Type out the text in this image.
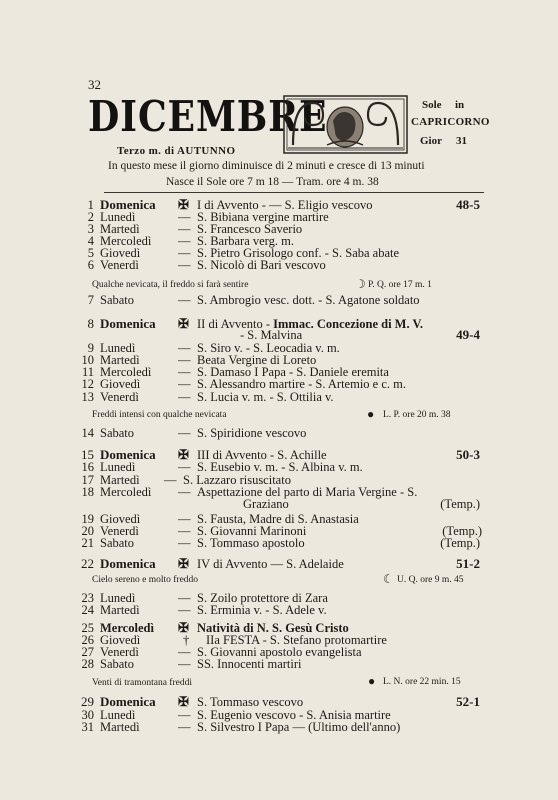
32
DICEMBRE
Terzo m. di AUTUNNO
Sole in
CAPRICORNO
Gior 31
In questo mese il giorno diminuisce di 2 minuti e cresce di 13 minuti
Nasce il Sole ore 7 m 18 — Tram. ore 4 m. 38
1 Domenica ✠ I di Avvento - — S. Eligio vescovo	48-5
2 Lunedì	— S. Bibiana vergine martire
3 Martedì	— S. Francesco Saverio
4 Mercoledì — S. Barbara verg. m.
5 Giovedì	— S. Pietro Grisologo conf. - S. Saba abate
6 Venerdì	— S. Nicolò di Bari vescovo
Qualche nevicata, il freddo si farà sentire	☽ P. Q. ore 17 m. 1
7 Sabato	— S. Ambrogio vesc. dott. - S. Agatone soldato
8 Domenica ✠ II di Avvento - Immac. Concezione di M. V.
- S. Malvina	49-4
9 Lunedì	— S. Siro v. - S. Leocadia v. m.
10 Martedì	— Beata Vergine di Loreto
11 Mercoledì — S. Damaso I Papa - S. Daniele eremita
12 Giovedì	— S. Alessandro martire - S. Artemio e c. m.
13 Venerdì	— S. Lucia v. m. - S. Ottilia v.
Freddi intensi con qualche nevicata	● L. P. ore 20 m. 38
14 Sabato	— S. Spiridione vescovo
15 Domenica ✠ III di Avvento - S. Achille	50-3
16 Lunedì	— S. Eusebio v. m. - S. Albina v. m.
17 Martedì — S. Lazzaro risuscitato
18 Mercoledì — Aspettazione del parto di Maria Vergine - S.
Graziano	(Temp.)
19 Giovedì	— S. Fausta, Madre di S. Anastasia
20 Venerdì	— S. Giovanni Marinoni	(Temp.)
21 Sabato	— S. Tommaso apostolo	(Temp.)
22 Domenica ✠ IV di Avvento — S. Adelaide	51-2
Cielo sereno e molto freddo	☾ U. Q. ore 9 m. 45
23 Lunedì	— S. Zoilo protettore di Zara
24 Martedì	— S. Erminia v. - S. Adele v.
25 Mercoledì ✠ Natività di N. S. Gesù Cristo
26 Giovedì	† IIa FESTA - S. Stefano protomartire
27 Venerdì	— S. Giovanni apostolo evangelista
28 Sabato	— SS. Innocenti martiri
Venti di tramontana freddi	● L. N. ore 22 min. 15
29 Domenica ✠ S. Tommaso vescovo	52-1
30 Lunedì	— S. Eugenio vescovo - S. Anisia martire
31 Martedì	— S. Silvestro I Papa — (Ultimo dell'anno)
